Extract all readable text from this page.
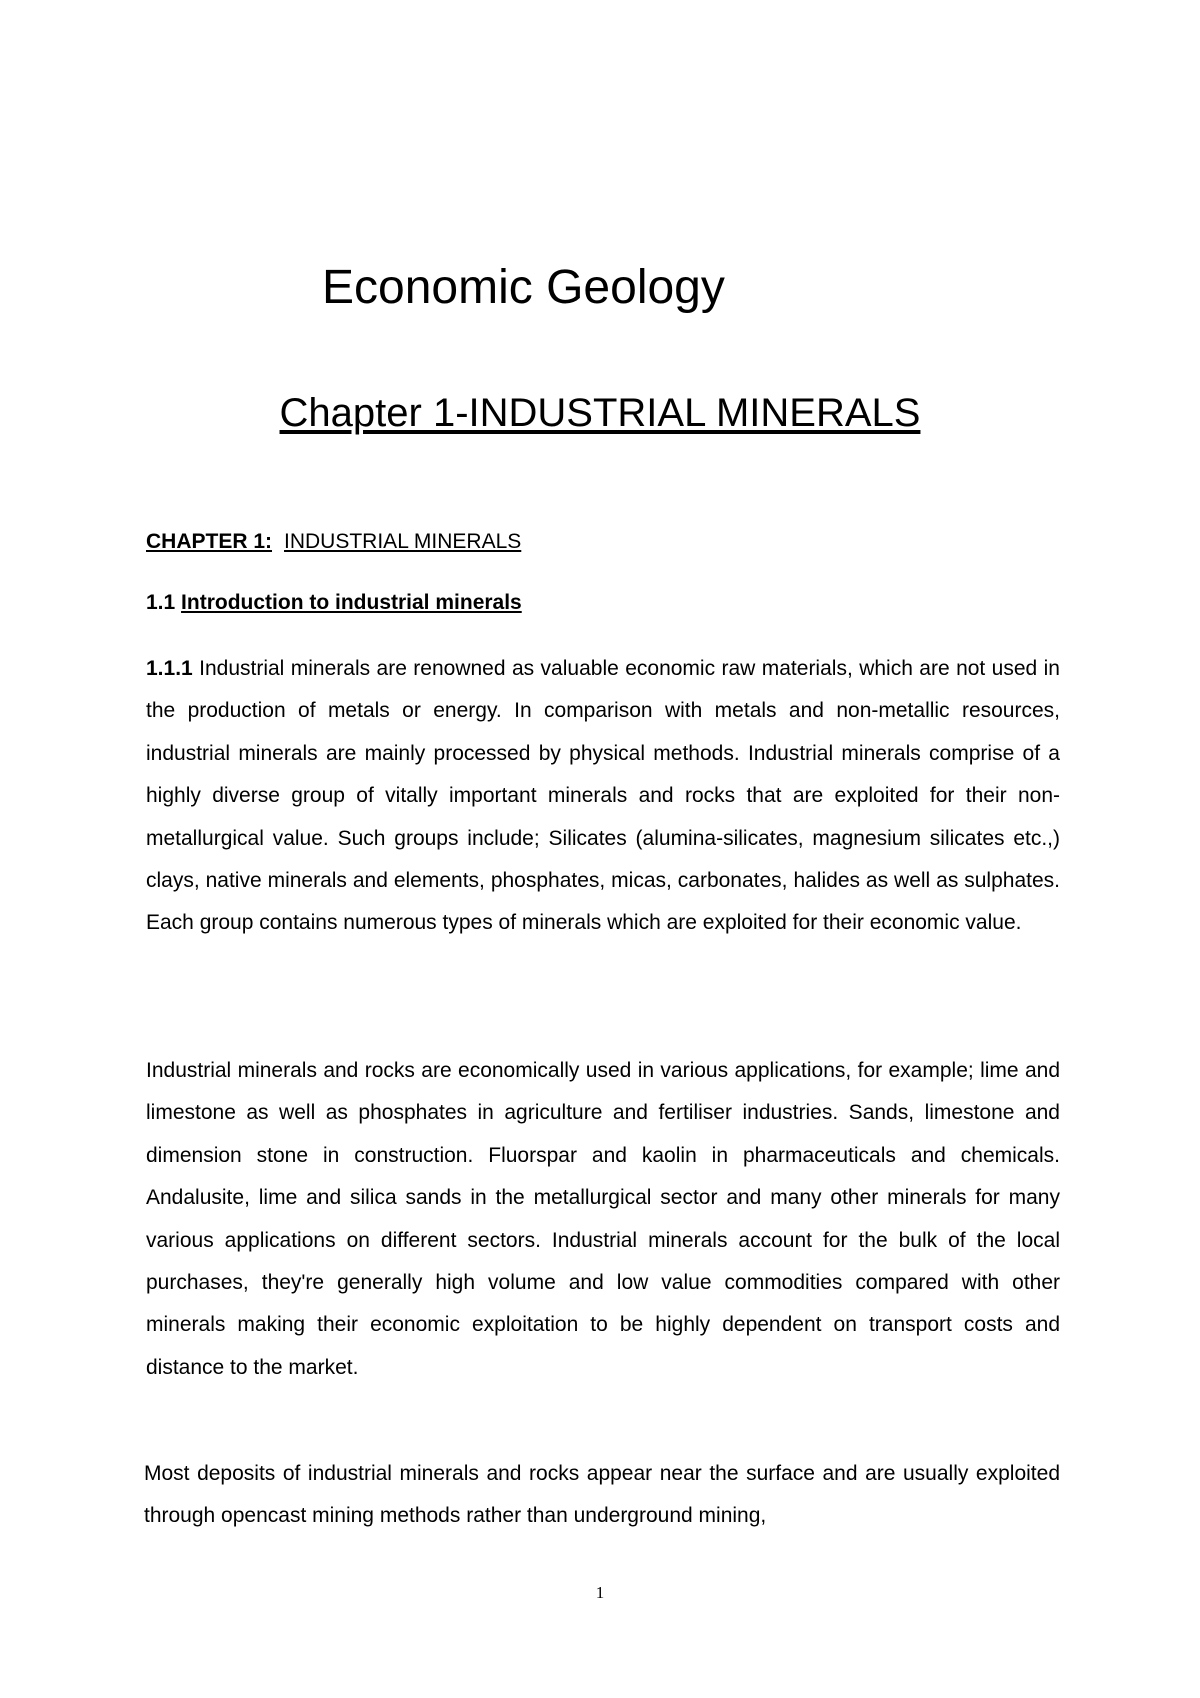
Economic Geology
Chapter 1-INDUSTRIAL MINERALS

CHAPTER 1: INDUSTRIAL MINERALS

1.1 Introduction to industrial minerals

1.1.1 Industrial minerals are renowned as valuable economic raw materials, which are not used in the production of metals or energy. In comparison with metals and non-metallic resources, industrial minerals are mainly processed by physical methods. Industrial minerals comprise of a highly diverse group of vitally important minerals and rocks that are exploited for their non-metallurgical value. Such groups include; Silicates (alumina-silicates, magnesium silicates etc.,) clays, native minerals and elements, phosphates, micas, carbonates, halides as well as sulphates. Each group contains numerous types of minerals which are exploited for their economic value.

Industrial minerals and rocks are economically used in various applications, for example; lime and limestone as well as phosphates in agriculture and fertiliser industries. Sands, limestone and dimension stone in construction. Fluorspar and kaolin in pharmaceuticals and chemicals. Andalusite, lime and silica sands in the metallurgical sector and many other minerals for many various applications on different sectors. Industrial minerals account for the bulk of the local purchases, they're generally high volume and low value commodities compared with other minerals making their economic exploitation to be highly dependent on transport costs and distance to the market.

Most deposits of industrial minerals and rocks appear near the surface and are usually exploited through opencast mining methods rather than underground mining,

1
